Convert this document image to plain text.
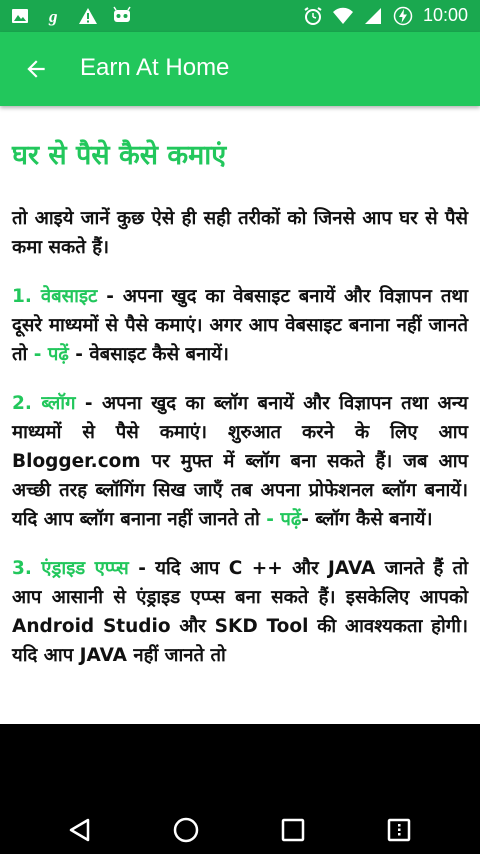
g	10:00
Earn At Home
घर से पैसे कैसे कमाएं

तो आइये जानें कुछ ऐसे ही सही तरीकों को जिनसे आप घर से पैसे कमा सकते हैं।

1. वेबसाइट - अपना खुद का वेबसाइट बनायें और विज्ञापन तथा दूसरे माध्यमों से पैसे कमाएं। अगर आप वेबसाइट बनाना नहीं जानते तो - पढ़ें - वेबसाइट कैसे बनायें।

2. ब्लॉग - अपना खुद का ब्लॉग बनायें और विज्ञापन तथा अन्य माध्यमों से पैसे कमाएं। शुरुआत करने के लिए आप Blogger.com पर मुफ्त में ब्लॉग बना सकते हैं। जब आप अच्छी तरह ब्लॉगिंग सिख जाएँ तब अपना प्रोफेशनल ब्लॉग बनायें। यदि आप ब्लॉग बनाना नहीं जानते तो - पढ़ें- ब्लॉग कैसे बनायें।

3. एंड्राइड एप्प्स - यदि आप C ++ और JAVA जानते हैं तो आप आसानी से एंड्राइड एप्प्स बना सकते हैं। इसकेलिए आपको Android Studio और SKD Tool की आवश्यकता होगी। यदि आप JAVA नहीं जानते तो
